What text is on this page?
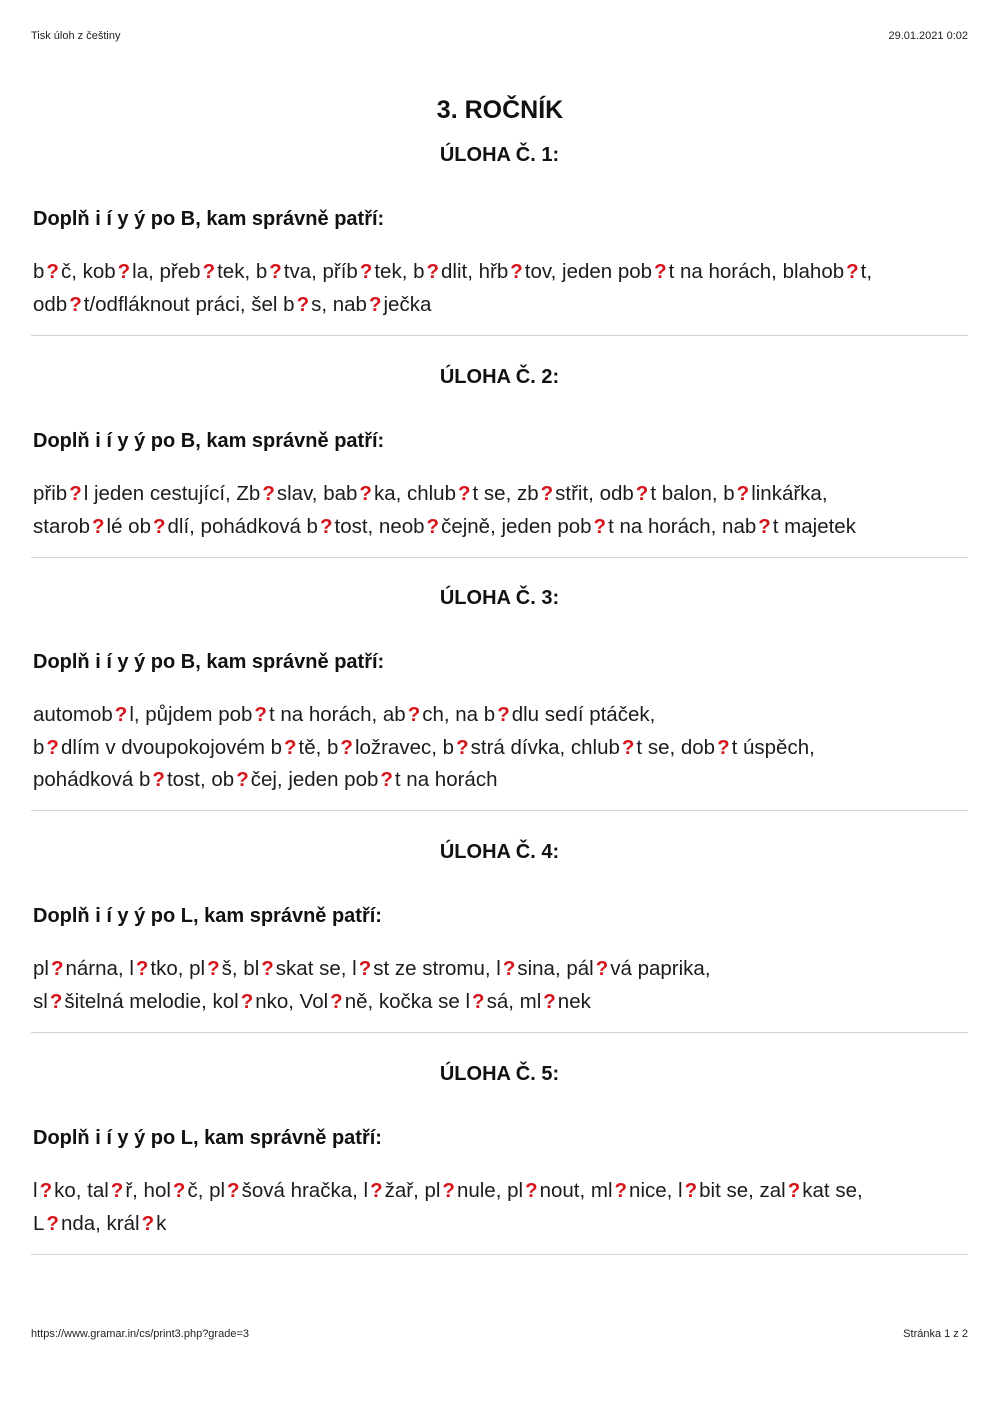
Tisk úloh z češtiny	29.01.2021 0:02
3. ROČNÍK
ÚLOHA Č. 1:

Doplň i í y ý po B, kam správně patří:

b?č, kob?la, přeb?tek, b?tva, příb?tek, b?dlit, hřb?tov, jeden pob?t na horách, blahob?t,
odb?t/odfláknout práci, šel b?s, nab?ječka
ÚLOHA Č. 2:

Doplň i í y ý po B, kam správně patří:

přib?l jeden cestující, Zb?slav, bab?ka, chlub?t se, zb?střit, odb?t balon, b?linkářka,
starob?lé ob?dlí, pohádková b?tost, neob?čejně, jeden pob?t na horách, nab?t majetek
ÚLOHA Č. 3:

Doplň i í y ý po B, kam správně patří:

automob?l, půjdem pob?t na horách, ab?ch, na b?dlu sedí ptáček,
b?dlím v dvoupokojovém b?tě, b?ložravec, b?strá dívka, chlub?t se, dob?t úspěch,
pohádková b?tost, ob?čej, jeden pob?t na horách
ÚLOHA Č. 4:

Doplň i í y ý po L, kam správně patří:

pl?nárna, l?tko, pl?š, bl?skat se, l?st ze stromu, l?sina, pál?vá paprika,
sl?šitelná melodie, kol?nko, Vol?ně, kočka se l?sá, ml?nek
ÚLOHA Č. 5:

Doplň i í y ý po L, kam správně patří:

l?ko, tal?ř, hol?č, pl?šová hračka, l?žař, pl?nule, pl?nout, ml?nice, l?bit se, zal?kat se,
L?nda, král?k
https://www.gramar.in/cs/print3.php?grade=3	Stránka 1 z 2
